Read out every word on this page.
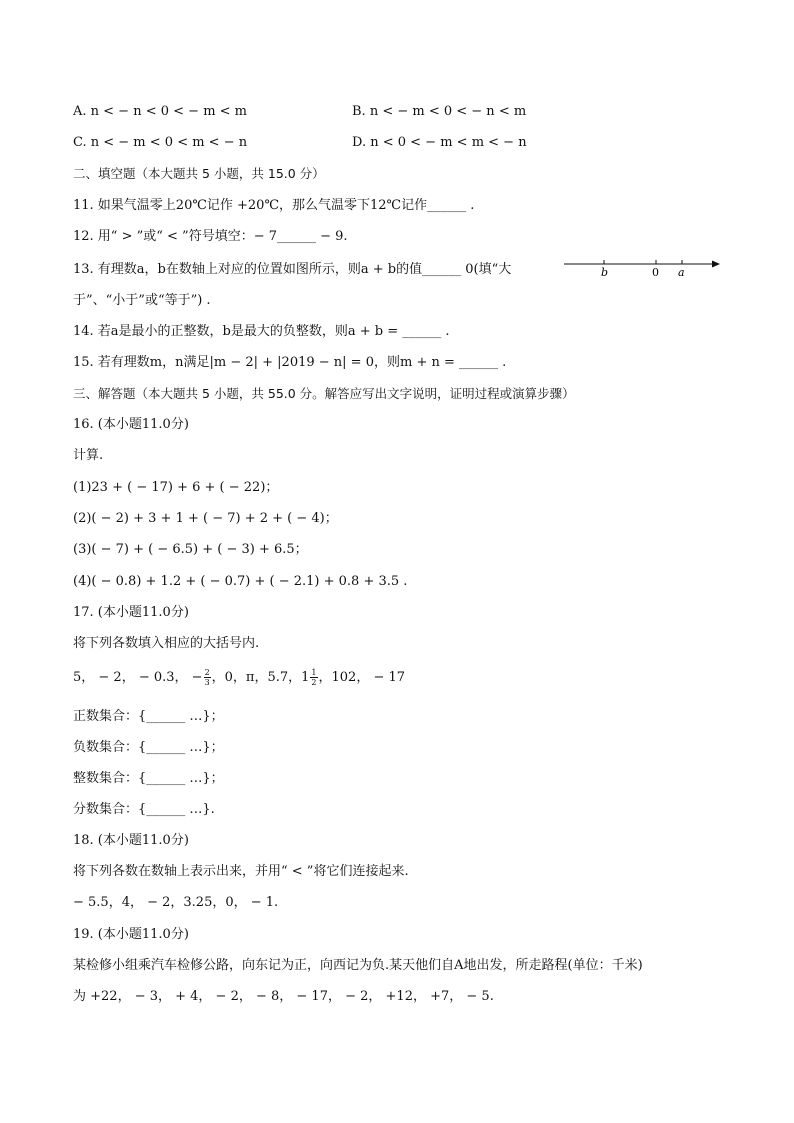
A. n < − n < 0 < − m < m	B. n < − m < 0 < − n < m
C. n < − m < 0 < m < − n	D. n < 0 < − m < m < − n
二、填空题（本大题共 5 小题，共 15.0 分）
11. 如果气温零上20℃记作 +20℃，那么气温零下12℃记作______ .
12. 用“ > ”或“ < ”符号填空：− 7______ − 9.
13. 有理数a，b在数轴上对应的位置如图所示，则a + b的值______ 0(填“大	b	0 a
于”、“小于”或“等于”) .
14. 若a是最小的正整数，b是最大的负整数，则a + b = ______ .
15. 若有理数m，n满足|m − 2| + |2019 − n| = 0，则m + n = ______ .
三、解答题（本大题共 5 小题，共 55.0 分。解答应写出文字说明，证明过程或演算步骤）
16. (本小题11.0分)
计算.
(1)23 + ( − 17) + 6 + ( − 22)；
(2)( − 2) + 3 + 1 + ( − 7) + 2 + ( − 4)；
(3)( − 7) + ( − 6.5) + ( − 3) + 6.5；
(4)( − 0.8) + 1.2 + ( − 0.7) + ( − 2.1) + 0.8 + 3.5 .
17. (本小题11.0分)
将下列各数填入相应的大括号内.
5， − 2， − 0.3， − $\frac{2}{3}$ ，0，π，5.7，$1 \frac{1}{2}$ ，102， − 17
正数集合：{______ …}；
负数集合：{______ …}；
整数集合：{______ …}；
分数集合：{______ …}.
18. (本小题11.0分)
将下列各数在数轴上表示出来，并用“ < ”将它们连接起来.
− 5.5，4， − 2，3.25，0， − 1.
19. (本小题11.0分)
某检修小组乘汽车检修公路，向东记为正，向西记为负.某天他们自A地出发，所走路程(单位：千米)
为 +22， − 3， + 4， − 2， − 8， − 17， − 2， +12， +7， − 5.
